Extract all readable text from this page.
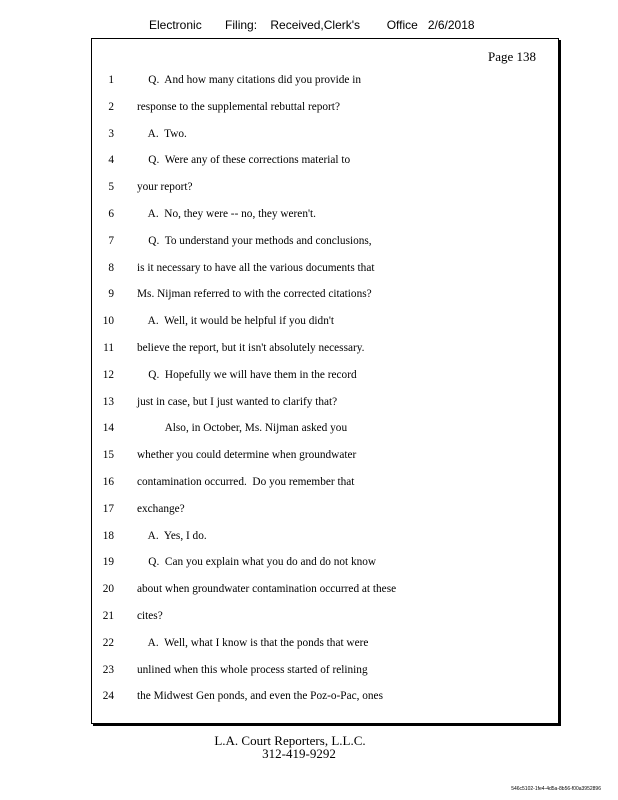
Electronic Filing: Received,Clerk's Office 2/6/2018
Page 138
1 Q.  And how many citations did you provide in
2 response to the supplemental rebuttal report?
3 A.  Two.
4 Q.  Were any of these corrections material to
5 your report?
6 A.  No, they were -- no, they weren't.
7 Q.  To understand your methods and conclusions,
8 is it necessary to have all the various documents that
9 Ms. Nijman referred to with the corrected citations?
10 A.  Well, it would be helpful if you didn't
11 believe the report, but it isn't absolutely necessary.
12 Q.  Hopefully we will have them in the record
13 just in case, but I just wanted to clarify that?
14 Also, in October, Ms. Nijman asked you
15 whether you could determine when groundwater
16 contamination occurred.  Do you remember that
17 exchange?
18 A.  Yes, I do.
19 Q.  Can you explain what you do and do not know
20 about when groundwater contamination occurred at these
21 cites?
22 A.  Well, what I know is that the ponds that were
23 unlined when this whole process started of relining
24 the Midwest Gen ponds, and even the Poz-o-Pac, ones
L.A. Court Reporters, L.L.C.
312-419-9292
546c5102-1fe4-4d5a-8b56-f00a3952896
